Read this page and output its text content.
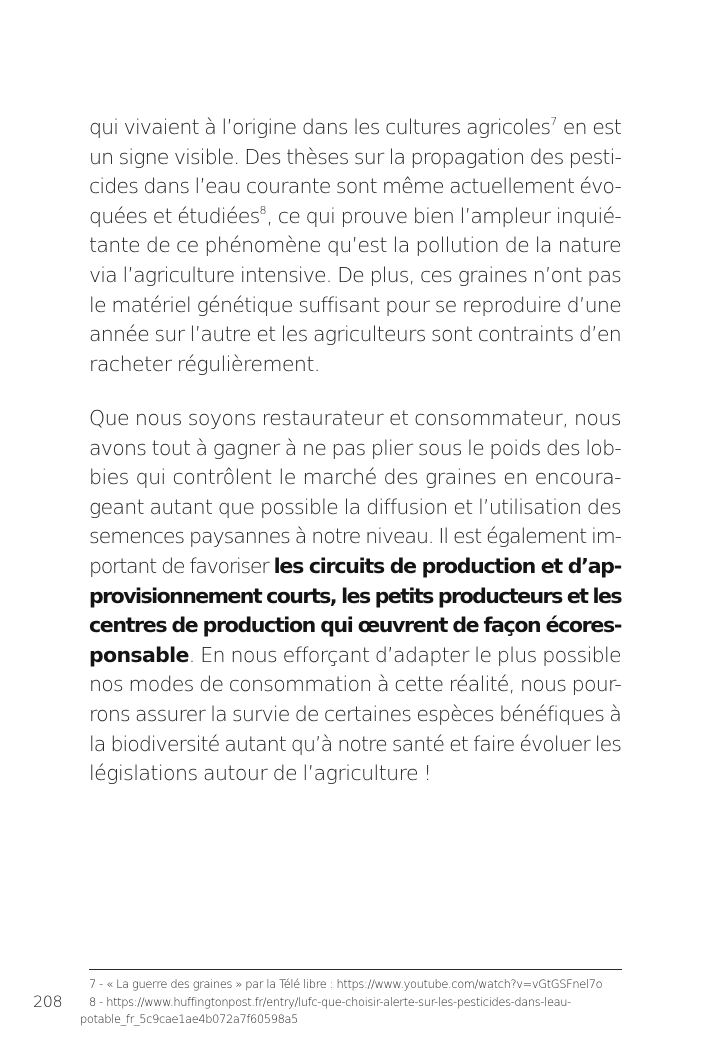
qui vivaient à l’origine dans les cultures agricoles$^7$ en est
un signe visible. Des thèses sur la propagation des pesti-
cides dans l’eau courante sont même actuellement évo-
quées et étudiées$^8$, ce qui prouve bien l’ampleur inquié-
tante de ce phénomène qu’est la pollution de la nature
via l’agriculture intensive. De plus, ces graines n’ont pas
le matériel génétique suffisant pour se reproduire d’une
année sur l’autre et les agriculteurs sont contraints d’en
racheter régulièrement.
Que nous soyons restaurateur et consommateur, nous
avons tout à gagner à ne pas plier sous le poids des lob-
bies qui contrôlent le marché des graines en encoura-
geant autant que possible la diffusion et l’utilisation des
semences paysannes à notre niveau. Il est également im-
portant de favoriser les circuits de production et d’ap-
provisionnement courts, les petits producteurs et les
centres de production qui œuvrent de façon écores-
ponsable. En nous efforçant d’adapter le plus possible
nos modes de consommation à cette réalité, nous pour-
rons assurer la survie de certaines espèces bénéfiques à
la biodiversité autant qu’à notre santé et faire évoluer les
législations autour de l’agriculture !
208
7 - « La guerre des graines » par la Télé libre : https://www.youtube.com/watch?v=vGtGSFnel7o
8 - https://www.huffingtonpost.fr/entry/lufc-que-choisir-alerte-sur-les-pesticides-dans-leau-
potable_fr_5c9cae1ae4b072a7f60598a5
